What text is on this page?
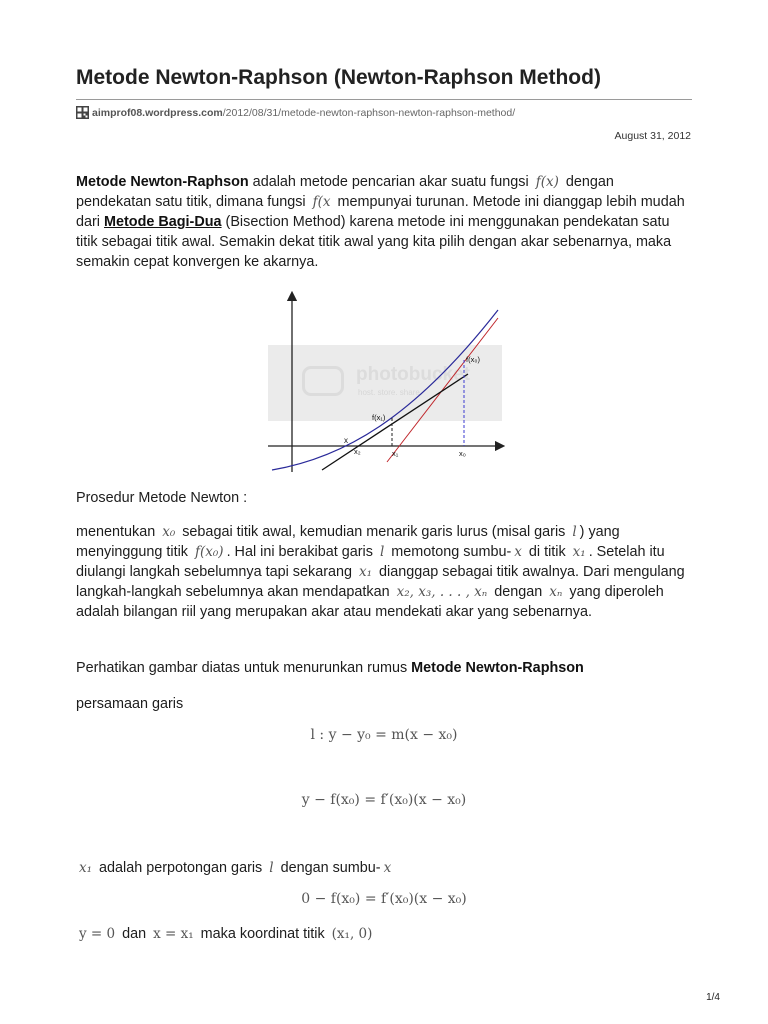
Metode Newton-Raphson (Newton-Raphson Method)
aimprof08.wordpress.com /2012/08/31/metode-newton-raphson-newton-raphson-method/
August 31, 2012

Metode Newton-Raphson adalah metode pencarian akar suatu fungsi f(x) dengan pendekatan satu titik, dimana fungsi f(x mempunyai turunan. Metode ini dianggap lebih mudah dari Metode Bagi-Dua (Bisection Method) karena metode ini menggunakan pendekatan satu titik sebagai titik awal. Semakin dekat titik awal yang kita pilih dengan akar sebenarnya, maka semakin cepat konvergen ke akarnya.

photobucket
host. store. share.
f(x₀)
f(x₁)
x
x₂	x₁	x₀
Prosedur Metode Newton :

menentukan x₀ sebagai titik awal, kemudian menarik garis lurus (misal garis l ) yang menyinggung titik f(x₀) . Hal ini berakibat garis l memotong sumbu- x di titik x₁ . Setelah itu diulangi langkah sebelumnya tapi sekarang x₁ dianggap sebagai titik awalnya. Dari mengulang langkah-langkah sebelumnya akan mendapatkan x₂, x₃, . . . , xₙ dengan xₙ yang diperoleh adalah bilangan riil yang merupakan akar atau mendekati akar yang sebenarnya.

Perhatikan gambar diatas untuk menurunkan rumus Metode Newton-Raphson

persamaan garis
l : y − y₀ = m(x − x₀)
y − f(x₀) = f′(x₀)(x − x₀)

x₁ adalah perpotongan garis l dengan sumbu- x

0 − f(x₀) = f′(x₀)(x − x₀)

y = 0 dan x = x₁ maka koordinat titik (x₁, 0)

1/4
